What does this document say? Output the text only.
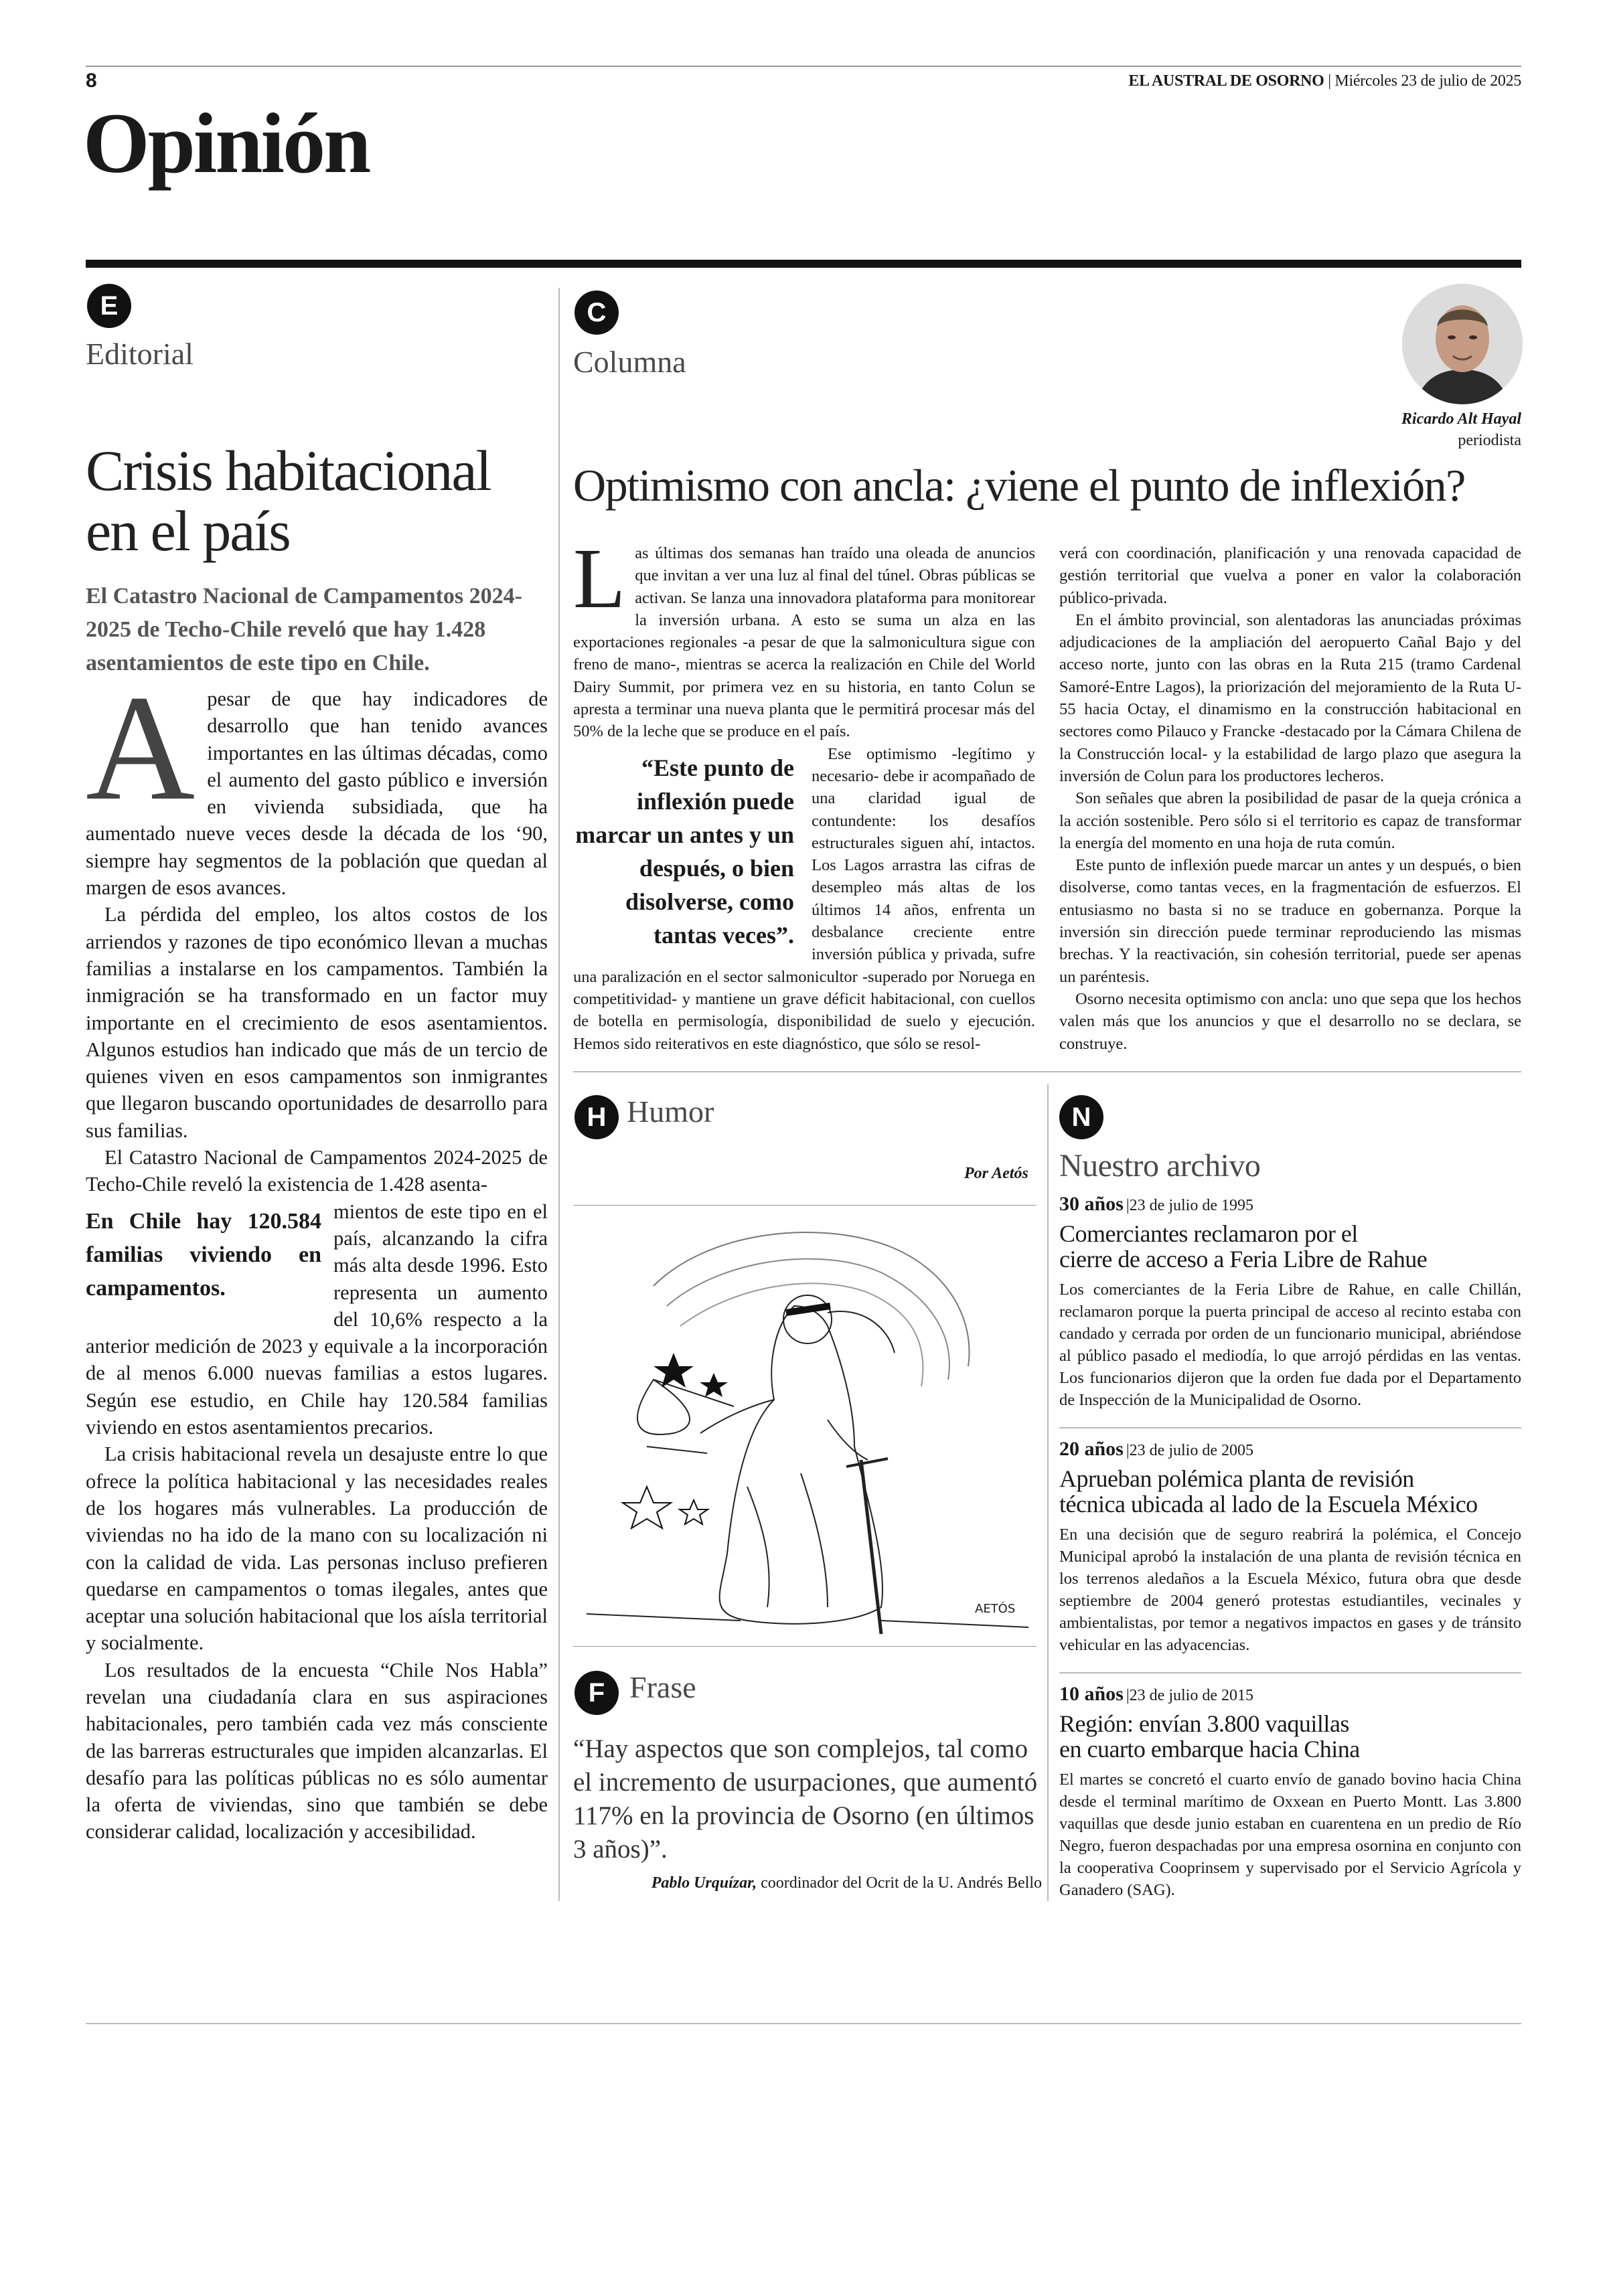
8	EL AUSTRAL DE OSORNO | Miércoles 23 de julio de 2025
Opinión
E
Editorial
Crisis habitacional
en el país
El Catastro Nacional de Campamentos 2024-2025 de Techo-Chile reveló que hay 1.428 asentamientos de este tipo en Chile.

Apesar de que hay indicadores de desarrollo que han tenido avances importantes en las últimas décadas, como el aumento del gasto público e inversión en vivienda subsidiada, que ha aumentado nueve veces desde la década de los ‘90, siempre hay segmentos de la población que quedan al margen de esos avances.

La pérdida del empleo, los altos costos de los arriendos y razones de tipo económico llevan a muchas familias a instalarse en los campamentos. También la inmigración se ha transformado en un factor muy importante en el crecimiento de esos asentamientos. Algunos estudios han indicado que más de un tercio de quienes viven en esos campamentos son inmigrantes que llegaron buscando oportunidades de desarrollo para sus familias.

El Catastro Nacional de Campamentos 2024-2025 de Techo-Chile reveló la existencia de 1.428 asenta-

En Chile hay 120.584 familias viviendo en campamentos.
mientos de este tipo en el país, alcanzando la cifra más alta desde 1996. Esto representa un aumento del 10,6% respecto a la anterior medición de 2023 y equivale a la incorporación de al menos 6.000 nuevas familias a estos lugares. Según ese estudio, en Chile hay 120.584 familias viviendo en estos asentamientos precarios.

La crisis habitacional revela un desajuste entre lo que ofrece la política habitacional y las necesidades reales de los hogares más vulnerables. La producción de viviendas no ha ido de la mano con su localización ni con la calidad de vida. Las personas incluso prefieren quedarse en campamentos o tomas ilegales, antes que aceptar una solución habitacional que los aísla territorial y socialmente.

Los resultados de la encuesta “Chile Nos Habla” revelan una ciudadanía clara en sus aspiraciones habitacionales, pero también cada vez más consciente de las barreras estructurales que impiden alcanzarlas. El desafío para las políticas públicas no es sólo aumentar la oferta de viviendas, sino que también se debe considerar calidad, localización y accesibilidad.

C
Columna
Ricardo Alt Hayal
periodista
Optimismo con ancla: ¿viene el punto de inflexión?

Las últimas dos semanas han traído una oleada de anuncios que invitan a ver una luz al final del túnel. Obras públicas se activan. Se lanza una innovadora plataforma para monitorear la inversión urbana. A esto se suma un alza en las exportaciones regionales -a pesar de que la salmonicultura sigue con freno de mano-, mientras se acerca la realización en Chile del World Dairy Summit, por primera vez en su historia, en tanto Colun se apresta a terminar una nueva planta que le permitirá procesar más del 50% de la leche que se produce en el país.

“Este punto de inflexión puede marcar un antes y un después, o bien disolverse, como tantas veces”.
Ese optimismo -legítimo y necesario- debe ir acompañado de una claridad igual de contundente: los desafíos estructurales siguen ahí, intactos. Los Lagos arrastra las cifras de desempleo más altas de los últimos 14 años, enfrenta un desbalance creciente entre inversión pública y privada, sufre una paralización en el sector salmonicultor -superado por Noruega en competitividad- y mantiene un grave déficit habitacional, con cuellos de botella en permisología, disponibilidad de suelo y ejecución. Hemos sido reiterativos en este diagnóstico, que sólo se resol-

verá con coordinación, planificación y una renovada capacidad de gestión territorial que vuelva a poner en valor la colaboración público-privada.

En el ámbito provincial, son alentadoras las anunciadas próximas adjudicaciones de la ampliación del aeropuerto Cañal Bajo y del acceso norte, junto con las obras en la Ruta 215 (tramo Cardenal Samoré-Entre Lagos), la priorización del mejoramiento de la Ruta U-55 hacia Octay, el dinamismo en la construcción habitacional en sectores como Pilauco y Francke -destacado por la Cámara Chilena de la Construcción local- y la estabilidad de largo plazo que asegura la inversión de Colun para los productores lecheros.

Son señales que abren la posibilidad de pasar de la queja crónica a la acción sostenible. Pero sólo si el territorio es capaz de transformar la energía del momento en una hoja de ruta común.

Este punto de inflexión puede marcar un antes y un después, o bien disolverse, como tantas veces, en la fragmentación de esfuerzos. El entusiasmo no basta si no se traduce en gobernanza. Porque la inversión sin dirección puede terminar reproduciendo las mismas brechas. Y la reactivación, sin cohesión territorial, puede ser apenas un paréntesis.

Osorno necesita optimismo con ancla: uno que sepa que los hechos valen más que los anuncios y que el desarrollo no se declara, se construye.

H Humor
Por Aetós
AETÓS
F Frase
“Hay aspectos que son complejos, tal como el incremento de usurpaciones, que aumentó 117% en la provincia de Osorno (en últimos 3 años)”.
Pablo Urquízar, coordinador del Ocrit de la U. Andrés Bello
N
Nuestro archivo
30 años |23 de julio de 1995
Comerciantes reclamaron por el
cierre de acceso a Feria Libre de Rahue
Los comerciantes de la Feria Libre de Rahue, en calle Chillán, reclamaron porque la puerta principal de acceso al recinto estaba con candado y cerrada por orden de un funcionario municipal, abriéndose al público pasado el mediodía, lo que arrojó pérdidas en las ventas. Los funcionarios dijeron que la orden fue dada por el Departamento de Inspección de la Municipalidad de Osorno.
20 años |23 de julio de 2005
Aprueban polémica planta de revisión
técnica ubicada al lado de la Escuela México
En una decisión que de seguro reabrirá la polémica, el Concejo Municipal aprobó la instalación de una planta de revisión técnica en los terrenos aledaños a la Escuela México, futura obra que desde septiembre de 2004 generó protestas estudiantiles, vecinales y ambientalistas, por temor a negativos impactos en gases y de tránsito vehicular en las adyacencias.
10 años |23 de julio de 2015
Región: envían 3.800 vaquillas
en cuarto embarque hacia China
El martes se concretó el cuarto envío de ganado bovino hacia China desde el terminal marítimo de Oxxean en Puerto Montt. Las 3.800 vaquillas que desde junio estaban en cuarentena en un predio de Río Negro, fueron despachadas por una empresa osornina en conjunto con la cooperativa Cooprinsem y supervisado por el Servicio Agrícola y Ganadero (SAG).
